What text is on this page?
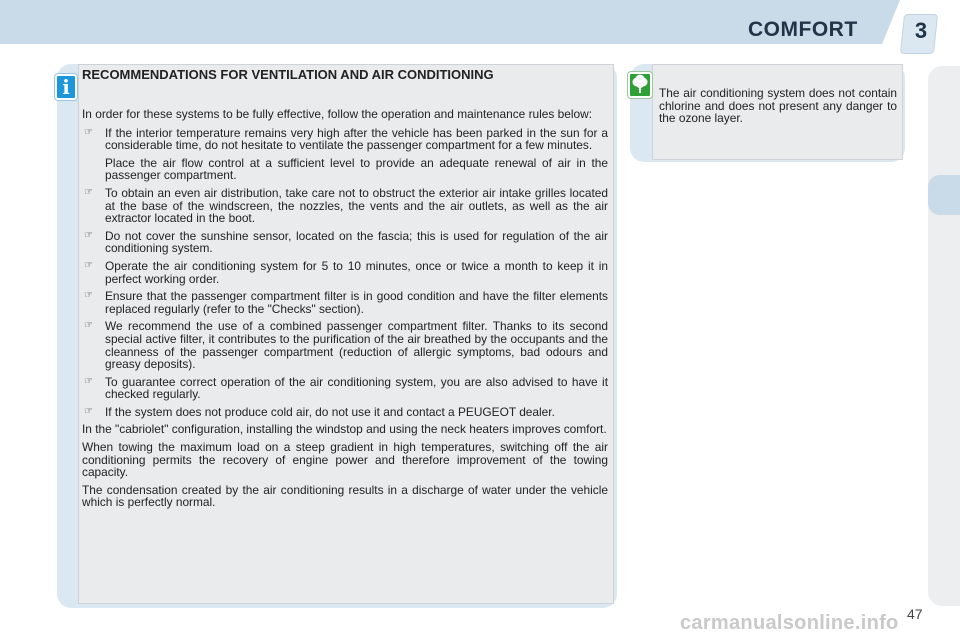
COMFORT	3
i
RECOMMENDATIONS FOR VENTILATION AND AIR CONDITIONING

In order for these systems to be fully effective, follow the operation and maintenance rules below:

☞ If the interior temperature remains very high after the vehicle has been parked in the sun for a considerable time, do not hesitate to ventilate the passenger compartment for a few minutes.
Place the air flow control at a sufficient level to provide an adequate renewal of air in the passenger compartment.
☞ To obtain an even air distribution, take care not to obstruct the exterior air intake grilles located at the base of the windscreen, the nozzles, the vents and the air outlets, as well as the air extractor located in the boot.
☞ Do not cover the sunshine sensor, located on the fascia; this is used for regulation of the air conditioning system.
☞ Operate the air conditioning system for 5 to 10 minutes, once or twice a month to keep it in perfect working order.
☞ Ensure that the passenger compartment filter is in good condition and have the filter elements replaced regularly (refer to the "Checks" section).
☞ We recommend the use of a combined passenger compartment filter. Thanks to its second special active filter, it contributes to the purification of the air breathed by the occupants and the cleanness of the passenger compartment (reduction of allergic symptoms, bad odours and greasy deposits).
☞ To guarantee correct operation of the air conditioning system, you are also advised to have it checked regularly.
☞ If the system does not produce cold air, do not use it and contact a PEUGEOT dealer.

In the "cabriolet" configuration, installing the windstop and using the neck heaters improves comfort.

When towing the maximum load on a steep gradient in high temperatures, switching off the air conditioning permits the recovery of engine power and therefore improvement of the towing capacity.

The condensation created by the air conditioning results in a discharge of water under the vehicle which is perfectly normal.

The air conditioning system does not contain chlorine and does not present any danger to the ozone layer.
carmanualsonline.info 47
